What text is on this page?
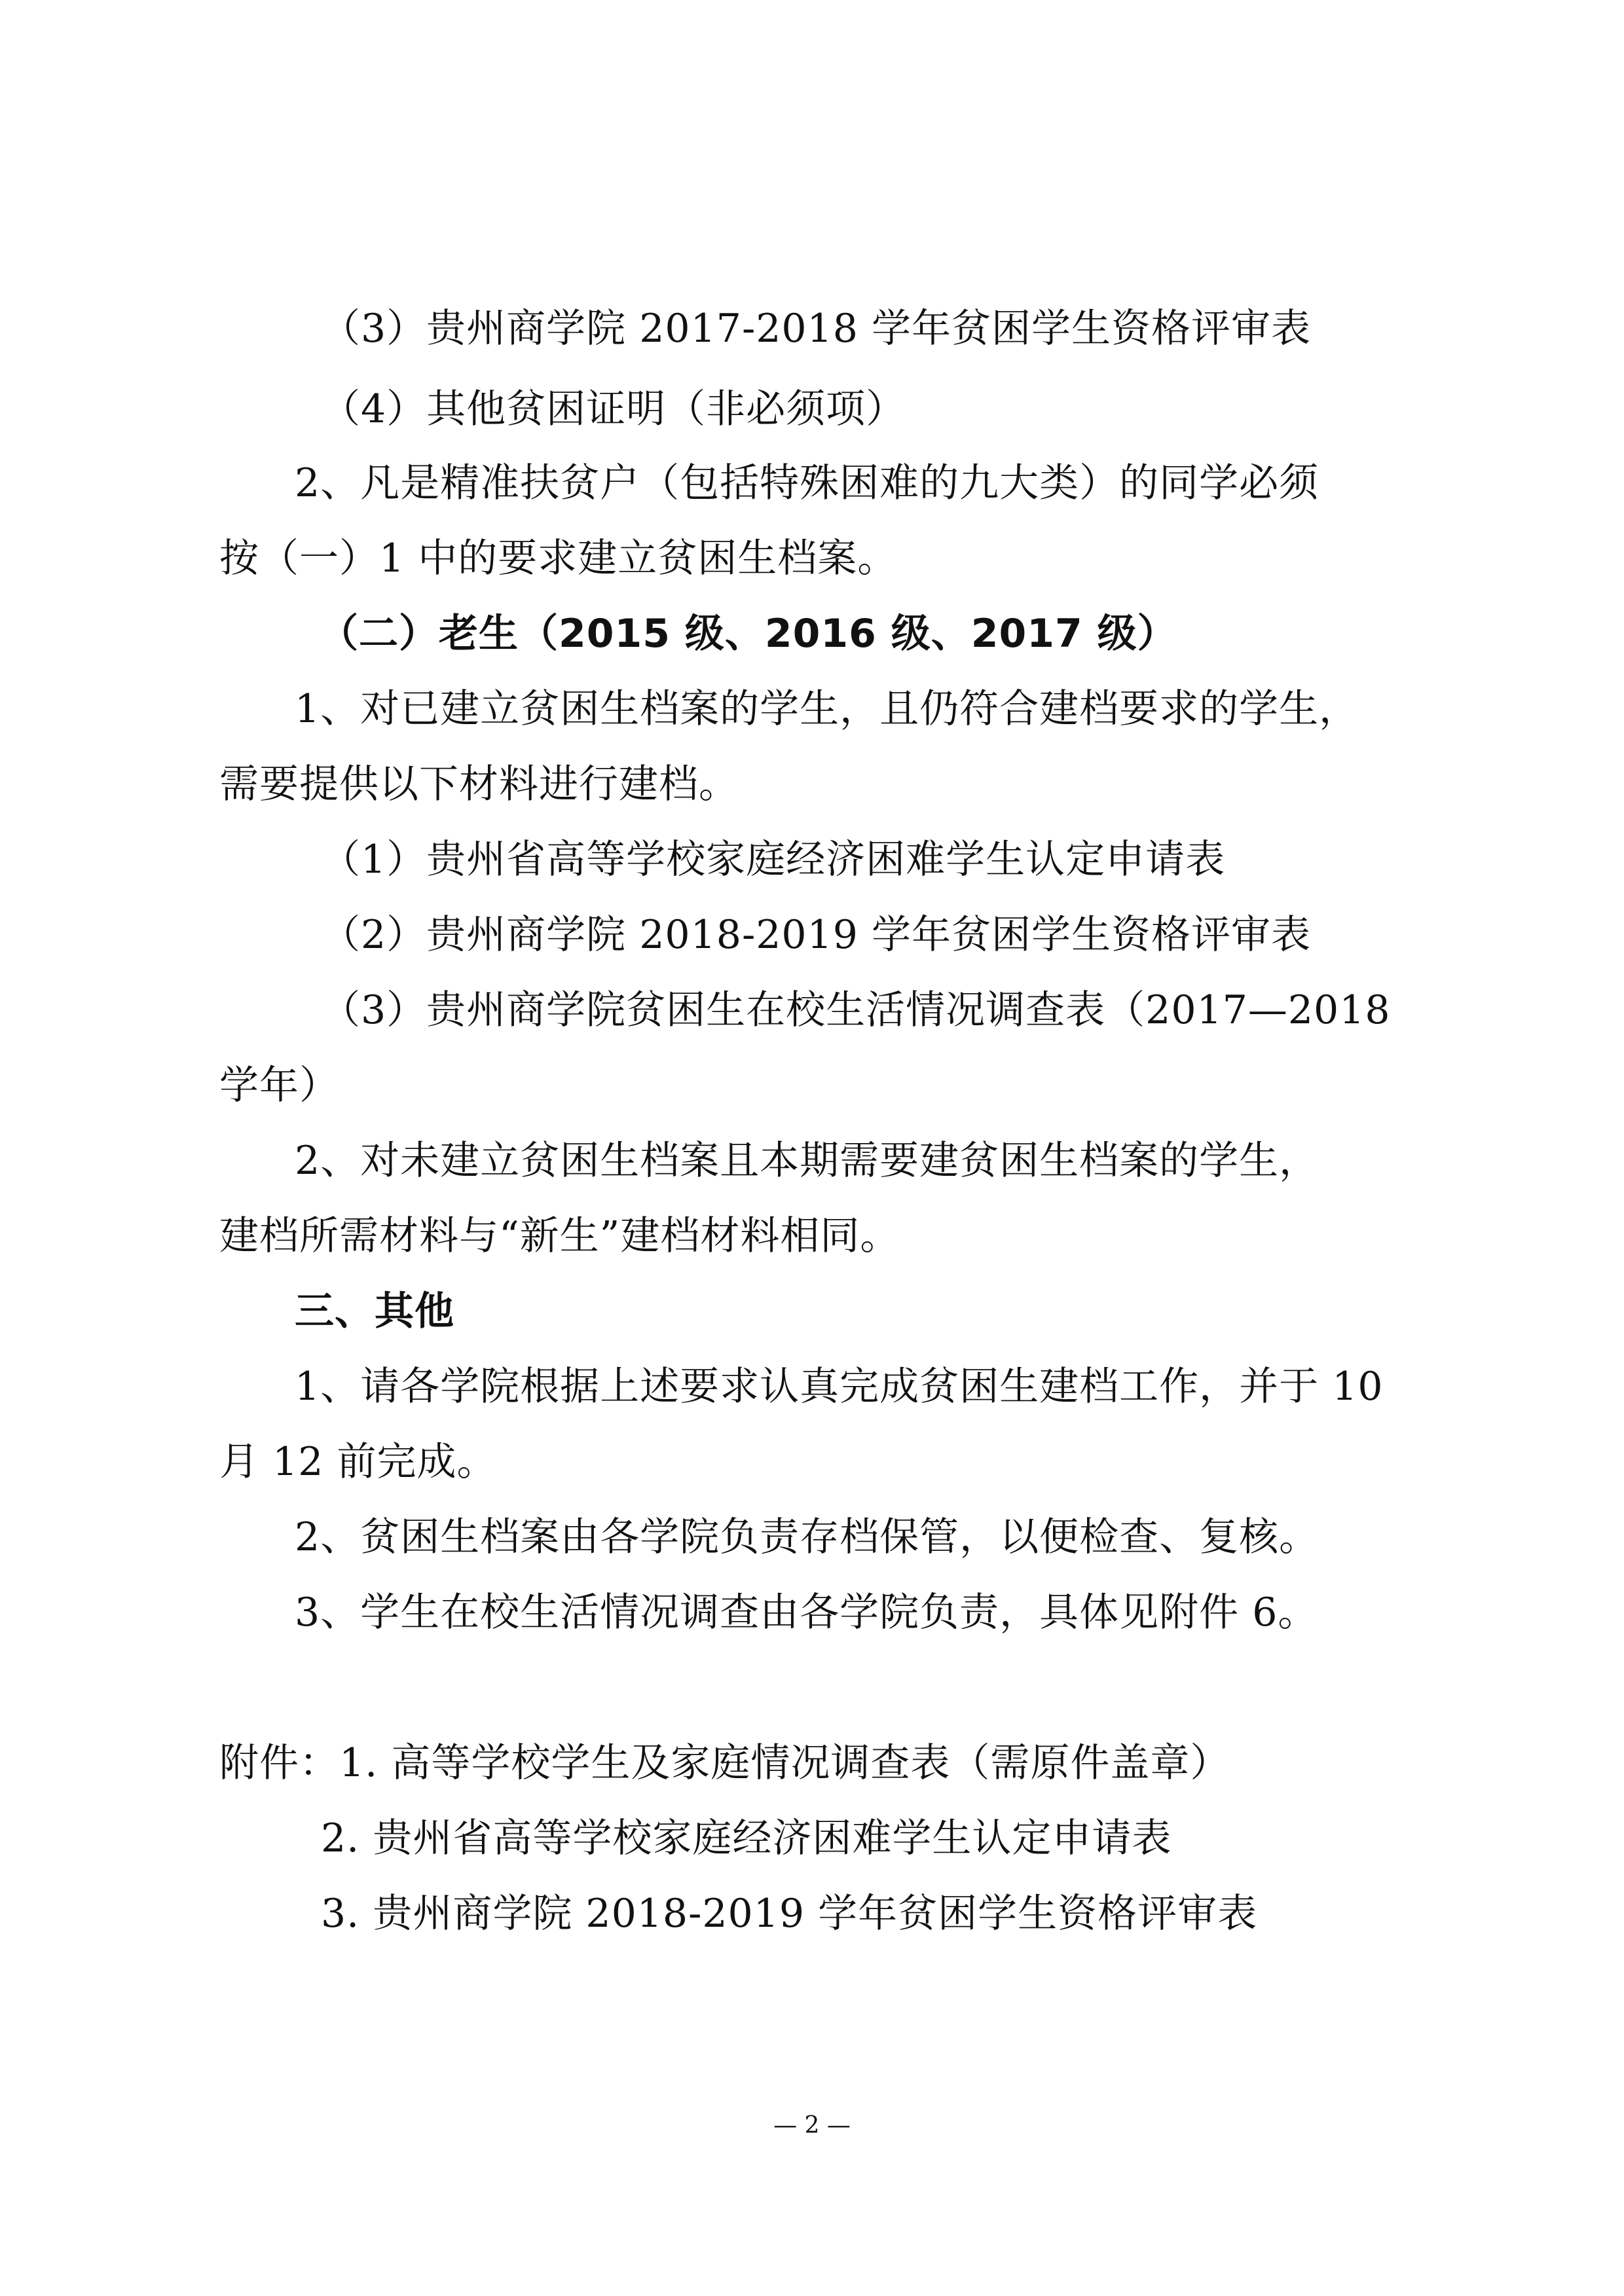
（3）贵州商学院 2017-2018 学年贫困学生资格评审表
（4）其他贫困证明（非必须项）
2、凡是精准扶贫户（包括特殊困难的九大类）的同学必须
按（一）1 中的要求建立贫困生档案。
（二）老生（2015 级、2016 级、2017 级）
1、对已建立贫困生档案的学生，且仍符合建档要求的学生，
需要提供以下材料进行建档。
（1）贵州省高等学校家庭经济困难学生认定申请表
（2）贵州商学院 2018-2019 学年贫困学生资格评审表
（3）贵州商学院贫困生在校生活情况调查表（2017—2018
学年）
2、对未建立贫困生档案且本期需要建贫困生档案的学生，
建档所需材料与“新生”建档材料相同。
三、其他
1、请各学院根据上述要求认真完成贫困生建档工作，并于 10
月 12 前完成。
2、贫困生档案由各学院负责存档保管，以便检查、复核。
3、学生在校生活情况调查由各学院负责，具体见附件 6。
附件：1. 高等学校学生及家庭情况调查表（需原件盖章）
2. 贵州省高等学校家庭经济困难学生认定申请表
3. 贵州商学院 2018-2019 学年贫困学生资格评审表
— 2 —
